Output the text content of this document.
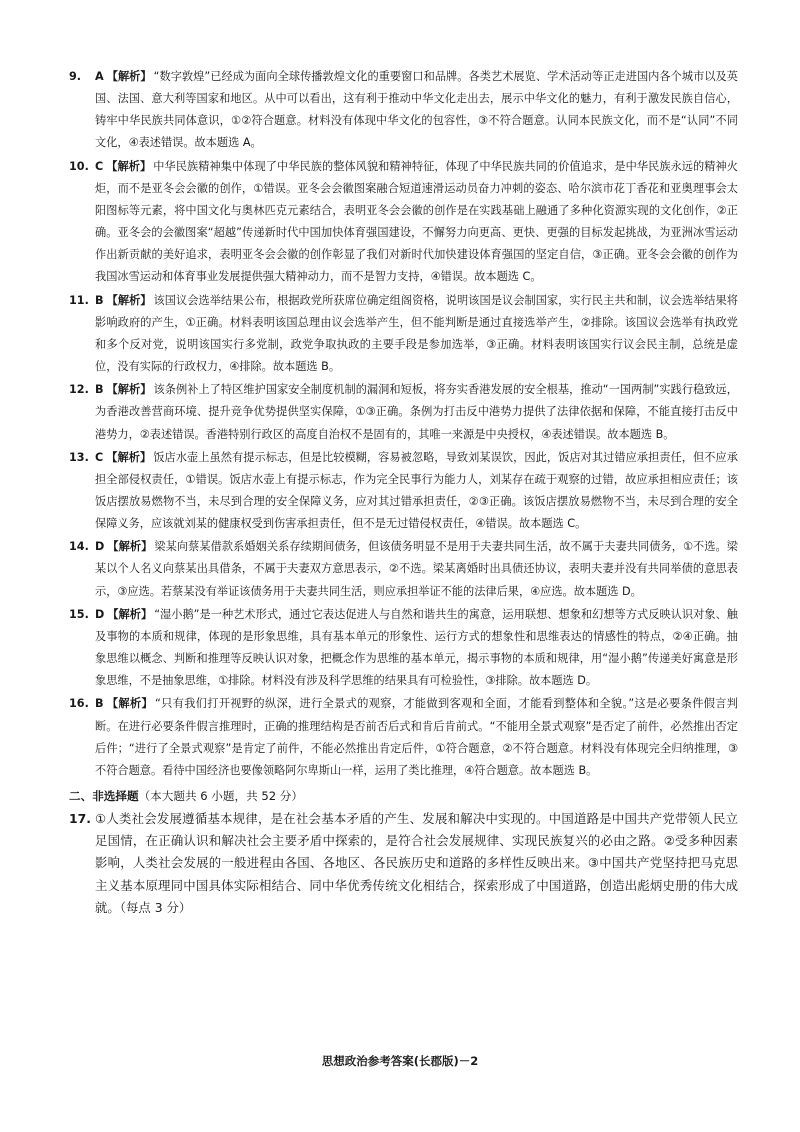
9. A 【解析】 “数字敦煌”已经成为面向全球传播敦煌文化的重要窗口和品牌。各类艺术展览、学术活动等正走进国内各个城市以及英国、法国、意大利等国家和地区。从中可以看出，这有利于推动中华文化走出去，展示中华文化的魅力，有利于激发民族自信心，铸牢中华民族共同体意识，①②符合题意。材料没有体现中华文化的包容性，③不符合题意。认同本民族文化，而不是“认同”不同文化，④表述错误。故本题选 A。
10. C 【解析】 中华民族精神集中体现了中华民族的整体风貌和精神特征，体现了中华民族共同的价值追求，是中华民族永远的精神火炬，而不是亚冬会会徽的创作，①错误。亚冬会会徽图案融合短道速滑运动员奋力冲刺的姿态、哈尔滨市花丁香花和亚奥理事会太阳图标等元素，将中国文化与奥林匹克元素结合，表明亚冬会会徽的创作是在实践基础上融通了多种化资源实现的文化创作，②正确。亚冬会的会徽图案“超越”传递新时代中国加快体育强国建设，不懈努力向更高、更快、更强的目标发起挑战，为亚洲冰雪运动作出新贡献的美好追求，表明亚冬会会徽的创作彰显了我们对新时代加快建设体育强国的坚定自信，③正确。亚冬会会徽的创作为我国冰雪运动和体育事业发展提供强大精神动力，而不是智力支持，④错误。故本题选 C。
11. B 【解析】 该国议会选举结果公布，根据政党所获席位确定组阁资格，说明该国是议会制国家，实行民主共和制，议会选举结果将影响政府的产生，①正确。材料表明该国总理由议会选举产生，但不能判断是通过直接选举产生，②排除。该国议会选举有执政党和多个反对党，说明该国实行多党制，政党争取执政的主要手段是参加选举，③正确。材料表明该国实行议会民主制，总统是虚位，没有实际的行政权力，④排除。故本题选 B。
12. B 【解析】 该条例补上了特区维护国家安全制度机制的漏洞和短板，将夯实香港发展的安全根基，推动“一国两制”实践行稳致远，为香港改善营商环境、提升竞争优势提供坚实保障，①③正确。条例为打击反中港势力提供了法律依据和保障，不能直接打击反中港势力，②表述错误。香港特别行政区的高度自治权不是固有的，其唯一来源是中央授权，④表述错误。故本题选 B。
13. C 【解析】 饭店水壶上虽然有提示标志，但是比较模糊，容易被忽略，导致刘某误饮，因此，饭店对其过错应承担责任，但不应承担全部侵权责任，①错误。饭店水壶上有提示标志，作为完全民事行为能力人，刘某存在疏于观察的过错，故应承担相应责任；该饭店摆放易燃物不当，未尽到合理的安全保障义务，应对其过错承担责任，②③正确。该饭店摆放易燃物不当，未尽到合理的安全保障义务，应该就刘某的健康权受到伤害承担责任，但不是无过错侵权责任，④错误。故本题选 C。
14. D 【解析】 梁某向蔡某借款系婚姻关系存续期间债务，但该债务明显不是用于夫妻共同生活，故不属于夫妻共同债务，①不选。梁某以个人名义向蔡某出具借条，不属于夫妻双方意思表示，②不选。梁某离婚时出具债还协议，表明夫妻并没有共同举债的意思表示，③应选。若蔡某没有举证该债务用于夫妻共同生活，则应承担举证不能的法律后果，④应选。故本题选 D。
15. D 【解析】 “湿小鹅”是一种艺术形式，通过它表达促进人与自然和谐共生的寓意，运用联想、想象和幻想等方式反映认识对象、触及事物的本质和规律，体现的是形象思维，具有基本单元的形象性、运行方式的想象性和思维表达的情感性的特点，②④正确。抽象思维以概念、判断和推理等反映认识对象，把概念作为思维的基本单元，揭示事物的本质和规律，用“湿小鹅”传递美好寓意是形象思维，不是抽象思维，①排除。材料没有涉及科学思维的结果具有可检验性，③排除。故本题选 D。
16. B 【解析】 “只有我们打开视野的纵深，进行全景式的观察，才能做到客观和全面，才能看到整体和全貌。”这是必要条件假言判断。在进行必要条件假言推理时，正确的推理结构是否前否后式和肯后肯前式。“不能用全景式观察”是否定了前件，必然推出否定后件；“进行了全景式观察”是肯定了前件，不能必然推出肯定后件，①符合题意，②不符合题意。材料没有体现完全归纳推理，③不符合题意。看待中国经济也要像领略阿尔卑斯山一样，运用了类比推理，④符合题意。故本题选 B。
二、非选择题（本大题共 6 小题，共 52 分）
17. ①人类社会发展遵循基本规律，是在社会基本矛盾的产生、发展和解决中实现的。中国道路是中国共产党带领人民立足国情，在正确认识和解决社会主要矛盾中探索的，是符合社会发展规律、实现民族复兴的必由之路。②受多种因素影响，人类社会发展的一般进程由各国、各地区、各民族历史和道路的多样性反映出来。③中国共产党坚持把马克思主义基本原理同中国具体实际相结合、同中华优秀传统文化相结合，探索形成了中国道路，创造出彪炳史册的伟大成就。（每点 3 分）
思想政治参考答案(长郡版)－2
